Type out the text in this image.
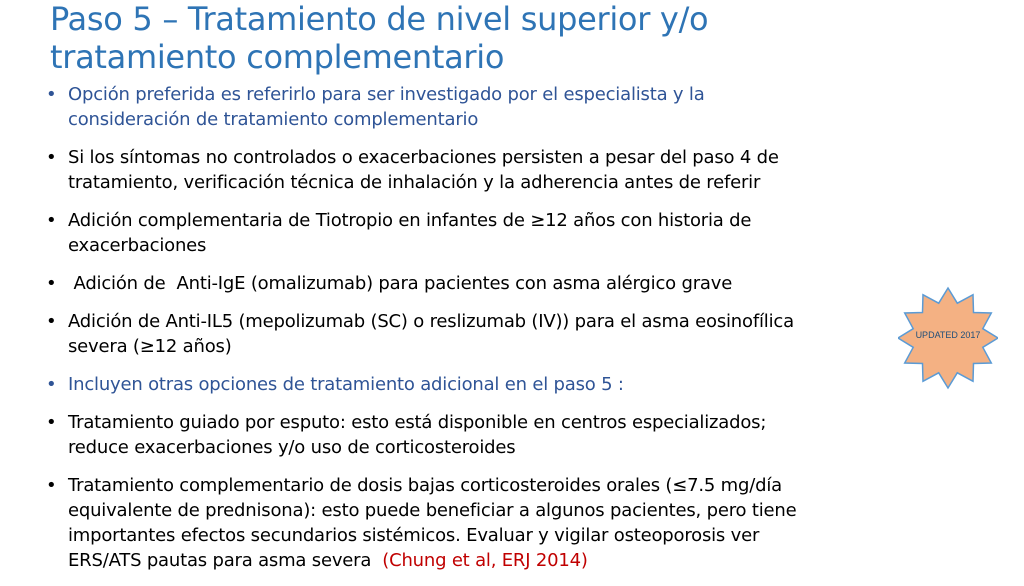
Paso 5 – Tratamiento de nivel superior y/o
tratamiento complementario
• Opción preferida es referirlo para ser investigado por el especialista y la
consideración de tratamiento complementario
• Si los síntomas no controlados o exacerbaciones persisten a pesar del paso 4 de
tratamiento, verificación técnica de inhalación y la adherencia antes de referir
• Adición complementaria de Tiotropio en infantes de ≥12 años con historia de
exacerbaciones
• Adición de  Anti-IgE (omalizumab) para pacientes con asma alérgico grave
• Adición de Anti-IL5 (mepolizumab (SC) o reslizumab (IV)) para el asma eosinofílica
severa (≥12 años)
• Incluyen otras opciones de tratamiento adicional en el paso 5 :
• Tratamiento guiado por esputo: esto está disponible en centros especializados;
reduce exacerbaciones y/o uso de corticosteroides
• Tratamiento complementario de dosis bajas corticosteroides orales (≤7.5 mg/día
equivalente de prednisona): esto puede beneficiar a algunos pacientes, pero tiene
importantes efectos secundarios sistémicos. Evaluar y vigilar osteoporosis ver
ERS/ATS pautas para asma severa  (Chung et al, ERJ 2014)
UPDATED 2017
